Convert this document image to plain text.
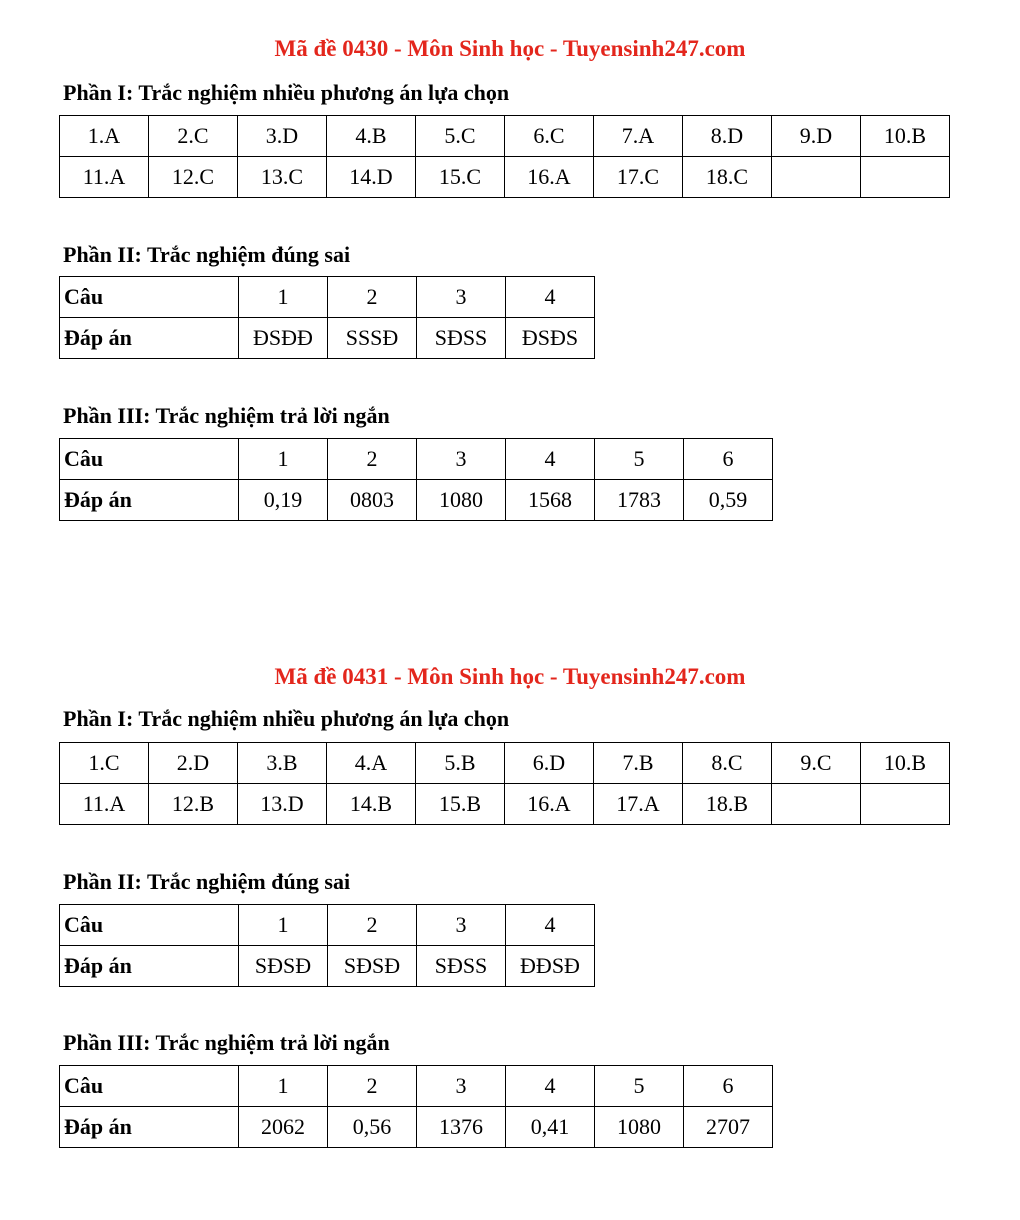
Mã đề 0430 - Môn Sinh học - Tuyensinh247.com
Phần I: Trắc nghiệm nhiều phương án lựa chọn
1.A	2.C	3.D	4.B	5.C	6.C	7.A	8.D	9.D	10.B
11.A	12.C	13.C	14.D	15.C	16.A	17.C	18.C		
Phần II: Trắc nghiệm đúng sai
Câu	1	2	3	4
Đáp án	ĐSĐĐ	SSSĐ	SĐSS	ĐSĐS
Phần III: Trắc nghiệm trả lời ngắn
Câu	1	2	3	4	5	6
Đáp án	0,19	0803	1080	1568	1783	0,59
Mã đề 0431 - Môn Sinh học - Tuyensinh247.com
Phần I: Trắc nghiệm nhiều phương án lựa chọn
1.C	2.D	3.B	4.A	5.B	6.D	7.B	8.C	9.C	10.B
11.A	12.B	13.D	14.B	15.B	16.A	17.A	18.B		
Phần II: Trắc nghiệm đúng sai
Câu	1	2	3	4
Đáp án	SĐSĐ	SĐSĐ	SĐSS	ĐĐSĐ
Phần III: Trắc nghiệm trả lời ngắn
Câu	1	2	3	4	5	6
Đáp án	2062	0,56	1376	0,41	1080	2707
